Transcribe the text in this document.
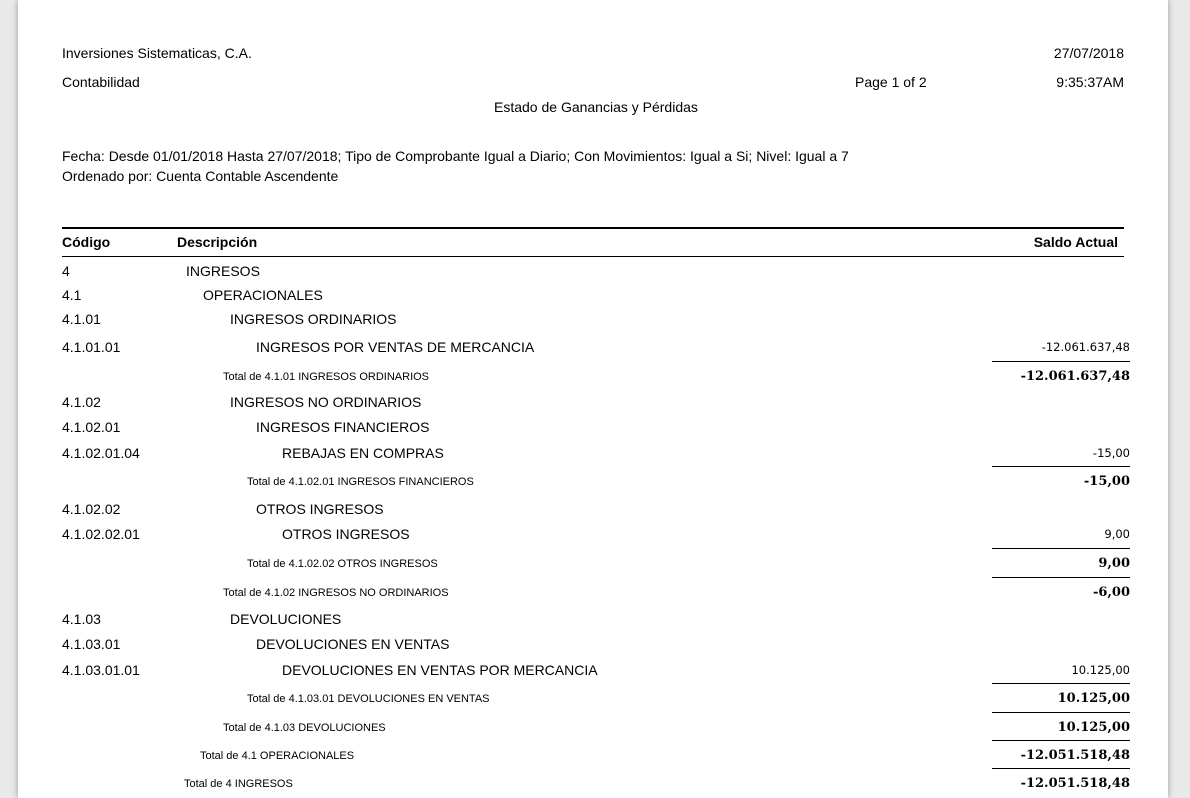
Inversiones Sistematicas, C.A.
Contabilidad	Page 1 of 2
27/07/2018
9:35:37AM
Estado de Ganancias y Pérdidas
Fecha: Desde 01/01/2018 Hasta 27/07/2018; Tipo de Comprobante Igual a Diario; Con Movimientos: Igual a Si; Nivel: Igual a 7
Ordenado por: Cuenta Contable Ascendente
Código	Descripción	Saldo Actual
4	INGRESOS
4.1	OPERACIONALES
4.1.01	INGRESOS ORDINARIOS
4.1.01.01	INGRESOS POR VENTAS DE MERCANCIA	-12.061.637,48
Total de 4.1.01 INGRESOS ORDINARIOS	-12.061.637,48
4.1.02	INGRESOS NO ORDINARIOS
4.1.02.01	INGRESOS FINANCIEROS
4.1.02.01.04	REBAJAS EN COMPRAS	-15,00
Total de 4.1.02.01 INGRESOS FINANCIEROS	-15,00
4.1.02.02	OTROS INGRESOS
4.1.02.02.01	OTROS INGRESOS	9,00
Total de 4.1.02.02 OTROS INGRESOS	9,00
Total de 4.1.02 INGRESOS NO ORDINARIOS	-6,00
4.1.03	DEVOLUCIONES
4.1.03.01	DEVOLUCIONES EN VENTAS
4.1.03.01.01	DEVOLUCIONES EN VENTAS POR MERCANCIA	10.125,00
Total de 4.1.03.01 DEVOLUCIONES EN VENTAS	10.125,00
Total de 4.1.03 DEVOLUCIONES	10.125,00
Total de 4.1 OPERACIONALES	-12.051.518,48
Total de 4 INGRESOS	-12.051.518,48
